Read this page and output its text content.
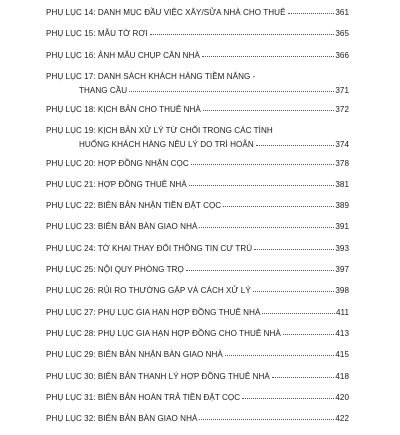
PHỤ LỤC 14: DANH MỤC ĐẦU VIỆC XÂY/SỬA NHÀ CHO THUÊ	361
PHỤ LỤC 15: MẪU TỜ RƠI	365
PHỤ LỤC 16: ẢNH MẪU CHỤP CĂN NHÀ	366
PHỤ LỤC 17: DANH SÁCH KHÁCH HÀNG TIỀM NĂNG -
THANG CẦU	371
PHỤ LỤC 18: KỊCH BẢN CHO THUÊ NHÀ	372
PHỤ LỤC 19: KỊCH BẢN XỬ LÝ TỪ CHỐI TRONG CÁC TÌNH
HUỐNG KHÁCH HÀNG NÊU LÝ DO TRÌ HOÃN	374
PHỤ LỤC 20: HỢP ĐỒNG NHẬN CỌC	378
PHỤ LỤC 21: HỢP ĐỒNG THUÊ NHÀ	381
PHỤ LỤC 22: BIÊN BẢN NHẬN TIỀN ĐẶT CỌC	389
PHỤ LỤC 23: BIÊN BẢN BÀN GIAO NHÀ	391
PHỤ LỤC 24: TỜ KHAI THAY ĐỔI THÔNG TIN CƯ TRÚ	393
PHỤ LỤC 25: NỘI QUY PHÒNG TRỌ	397
PHỤ LỤC 26: RỦI RO THƯỜNG GẶP VÀ CÁCH XỬ LÝ	398
PHỤ LỤC 27: PHỤ LỤC GIA HẠN HỢP ĐỒNG THUÊ NHÀ	411
PHỤ LỤC 28: PHỤ LỤC GIA HẠN HỢP ĐỒNG CHO THUÊ NHÀ	413
PHỤ LỤC 29: BIÊN BẢN NHẬN BÀN GIAO NHÀ	415
PHỤ LỤC 30: BIÊN BẢN THANH LÝ HỢP ĐỒNG THUÊ NHÀ	418
PHỤ LỤC 31: BIÊN BẢN HOÀN TRẢ TIỀN ĐẶT CỌC	420
PHỤ LỤC 32: BIÊN BẢN BÀN GIAO NHÀ	422
